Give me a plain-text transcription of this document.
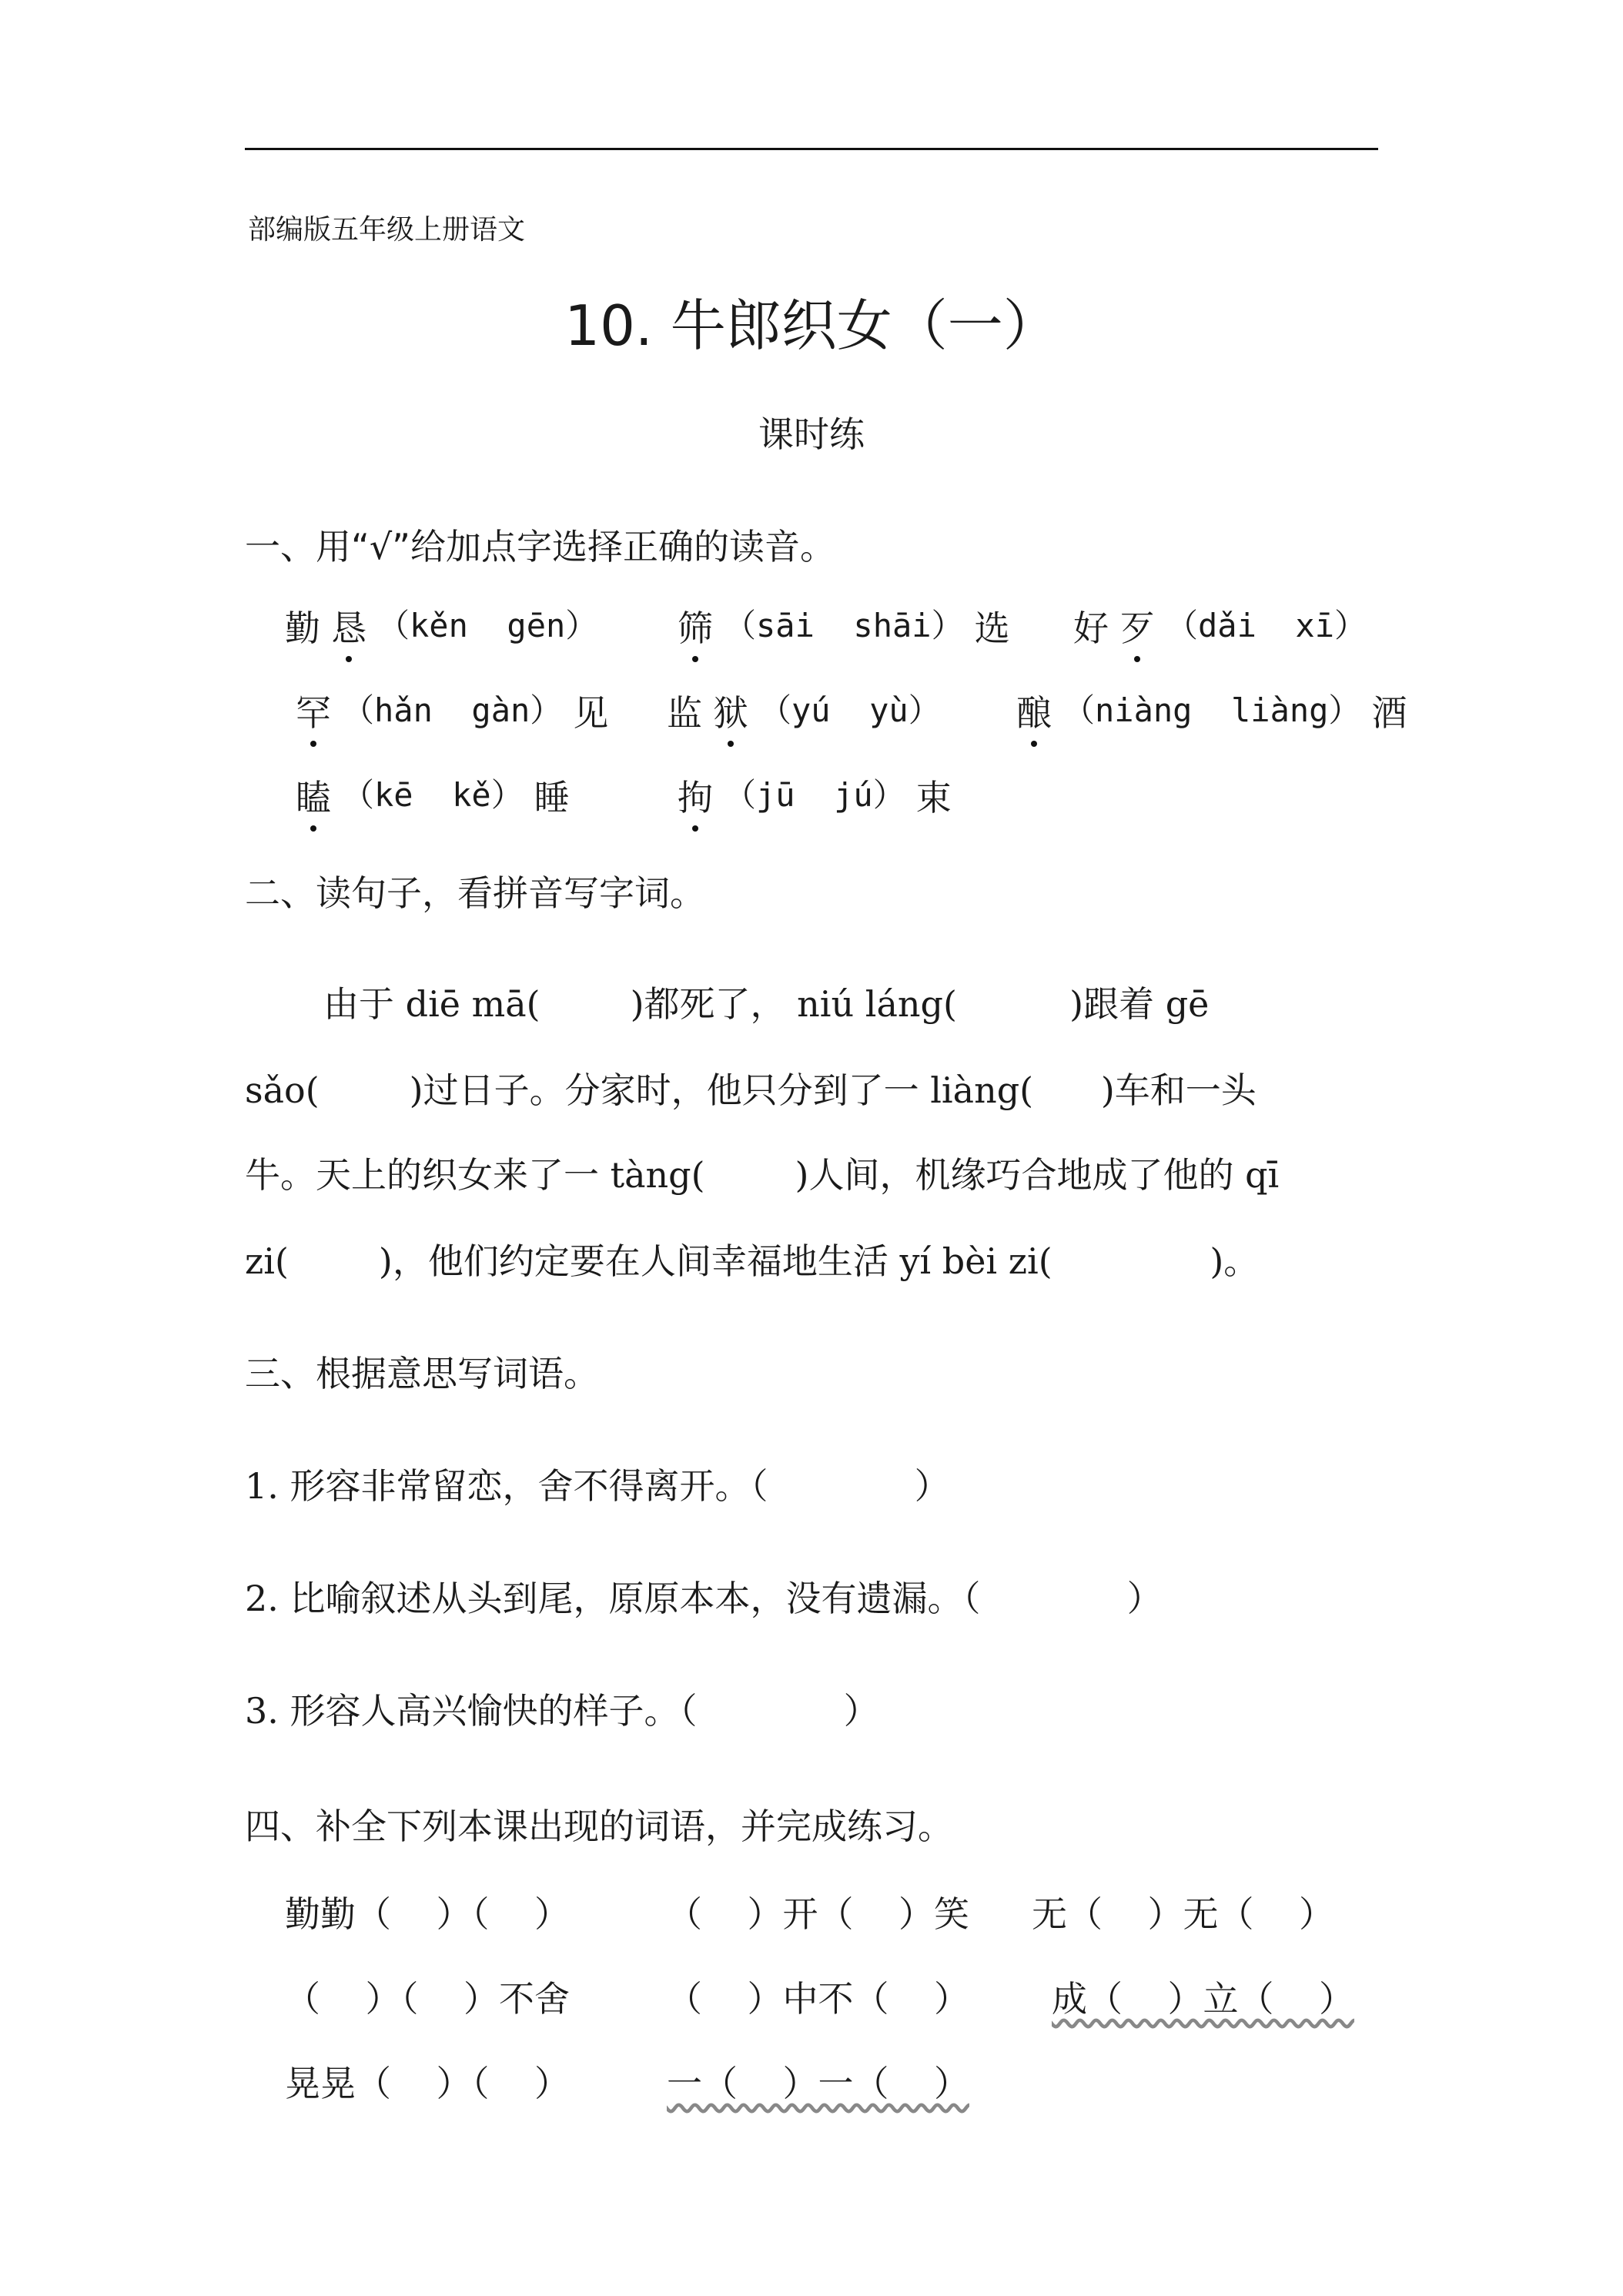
部编版五年级上册语文
10. 牛郎织女（一）
课时练
一、用“√”给加点字选择正确的读音。
勤 恳 （kěn  gēn） 筛 （sāi  shāi） 选 好 歹 （dǎi  xī）
罕 （hǎn  gàn） 见 监 狱 （yú  yù） 酿 （niàng  liàng） 酒
瞌 （kē  kě） 睡	拘 （jū  jú） 束
二、读句子，看拼音写字词。
由于 diē mā(        )都死了， niú láng(          )跟着 gē
sǎo(        )过日子。分家时，他只分到了一 liàng(      )车和一头
牛。天上的织女来了一 tàng(        )人间，机缘巧合地成了他的 qī
zi(        )，他们约定要在人间幸福地生活 yí bèi zi(              )。
三、根据意思写词语。
1. 形容非常留恋，舍不得离开。（             ）
2. 比喻叙述从头到尾，原原本本，没有遗漏。（             ）
3. 形容人高兴愉快的样子。（             ）
四、补全下列本课出现的词语，并完成练习。
勤勤（    ）（    ）	（    ）开（    ）笑 无（    ）无（    ）
（    ）（    ）不舍	（    ）中不（    ） 成（    ）立（    ）
晃晃（    ）（    ）	一（    ）一（    ）
